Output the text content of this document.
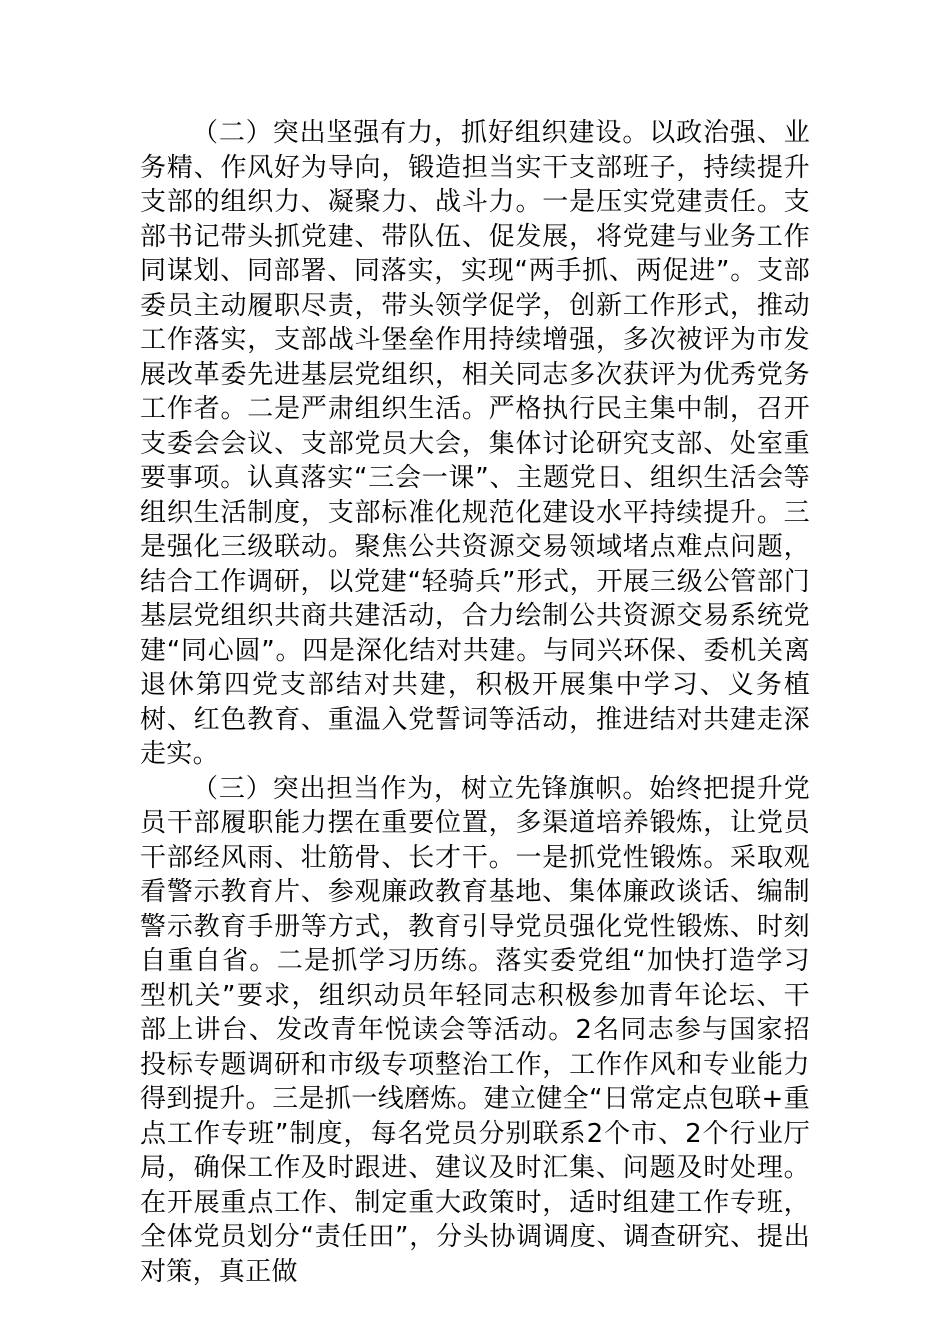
（二）突出坚强有力，抓好组织建设。以政治强、业务精、作风好为导向，锻造担当实干支部班子，持续提升支部的组织力、凝聚力、战斗力。一是压实党建责任。支部书记带头抓党建、带队伍、促发展，将党建与业务工作同谋划、同部署、同落实，实现“两手抓、两促进”。支部委员主动履职尽责，带头领学促学，创新工作形式，推动工作落实，支部战斗堡垒作用持续增强，多次被评为市发展改革委先进基层党组织，相关同志多次获评为优秀党务工作者。二是严肃组织生活。严格执行民主集中制，召开支委会会议、支部党员大会，集体讨论研究支部、处室重要事项。认真落实“三会一课”、主题党日、组织生活会等组织生活制度，支部标准化规范化建设水平持续提升。三是强化三级联动。聚焦公共资源交易领域堵点难点问题，结合工作调研，以党建“轻骑兵”形式，开展三级公管部门基层党组织共商共建活动，合力绘制公共资源交易系统党建“同心圆”。四是深化结对共建。与同兴环保、委机关离退休第四党支部结对共建，积极开展集中学习、义务植树、红色教育、重温入党誓词等活动，推进结对共建走深走实。

（三）突出担当作为，树立先锋旗帜。始终把提升党员干部履职能力摆在重要位置，多渠道培养锻炼，让党员干部经风雨、壮筋骨、长才干。一是抓党性锻炼。采取观看警示教育片、参观廉政教育基地、集体廉政谈话、编制警示教育手册等方式，教育引导党员强化党性锻炼、时刻自重自省。二是抓学习历练。落实委党组“加快打造学习型机关”要求，组织动员年轻同志积极参加青年论坛、干部上讲台、发改青年悦读会等活动。2名同志参与国家招投标专题调研和市级专项整治工作，工作作风和专业能力得到提升。三是抓一线磨炼。建立健全“日常定点包联+重点工作专班”制度，每名党员分别联系2个市、2个行业厅局，确保工作及时跟进、建议及时汇集、问题及时处理。在开展重点工作、制定重大政策时，适时组建工作专班，全体党员划分“责任田”，分头协调调度、调查研究、提出对策，真正做
